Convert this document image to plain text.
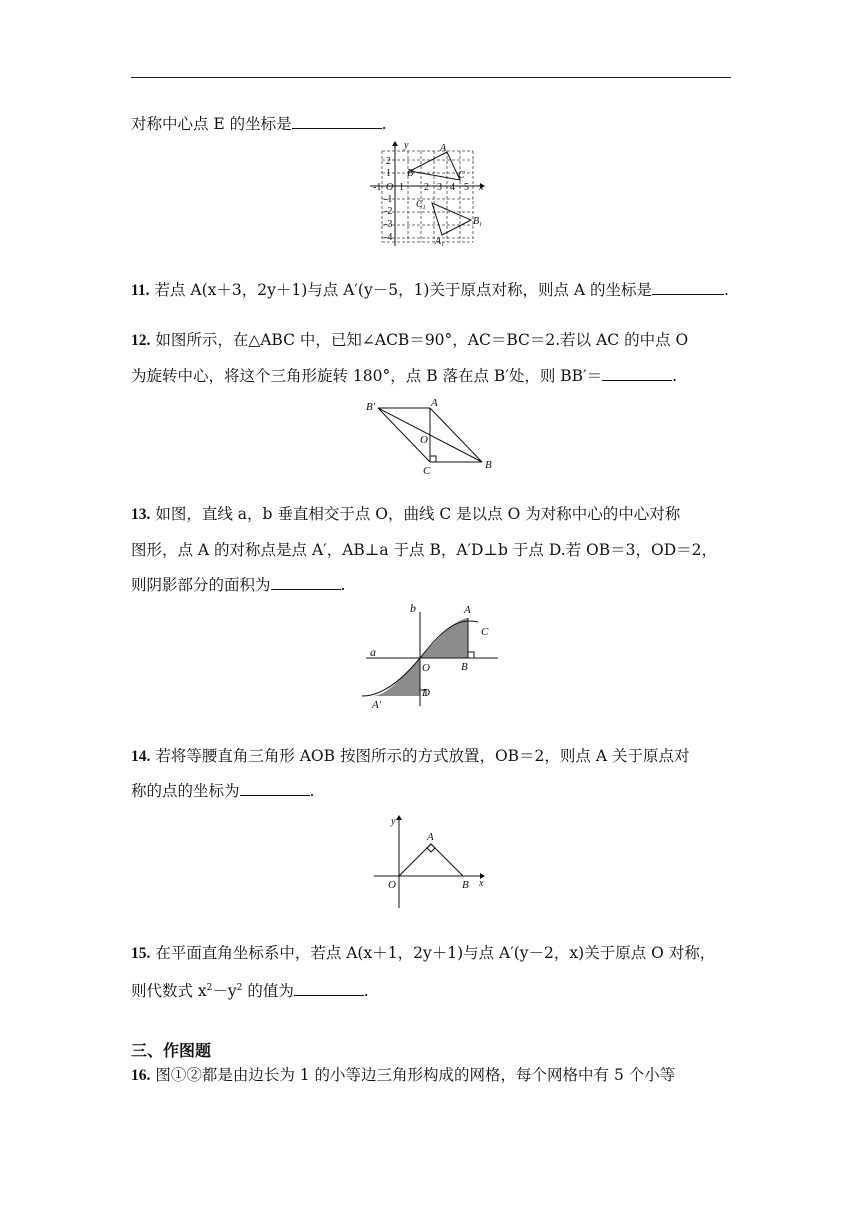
对称中心点 E 的坐标是	.
y
x
-1 O 1 2 3 4 5
2
1
-1
-2
-3
-4
A
B	C
$C_1$
$B_1$
$A_1$
11. 若点 A(x＋3，2y＋1)与点 A′(y－5，1)关于原点对称，则点 A 的坐标是	.
12. 如图所示，在△ABC 中，已知∠ACB＝90°，AC＝BC＝2.若以 AC 的中点 O
为旋转中心，将这个三角形旋转 180°，点 B 落在点 B′处，则 BB′＝	.
B′	A
O
C	B
13. 如图，直线 a，b 垂直相交于点 O，曲线 C 是以点 O 为对称中心的中心对称
图形，点 A 的对称点是点 A′，AB⊥a 于点 B，A′D⊥b 于点 D.若 OB＝3，OD＝2，
则阴影部分的面积为	.
a
b	A
C
O	B
D
A′
14. 若将等腰直角三角形 AOB 按图所示的方式放置，OB＝2，则点 A 关于原点对
称的点的坐标为	.
y
x
A
O	B
15. 在平面直角坐标系中，若点 A(x＋1，2y＋1)与点 A′(y－2，x)关于原点 O 对称，
则代数式 $x^2-y^2$ 的值为	.
三、作图题
16. 图①②都是由边长为 1 的小等边三角形构成的网格，每个网格中有 5 个小等
